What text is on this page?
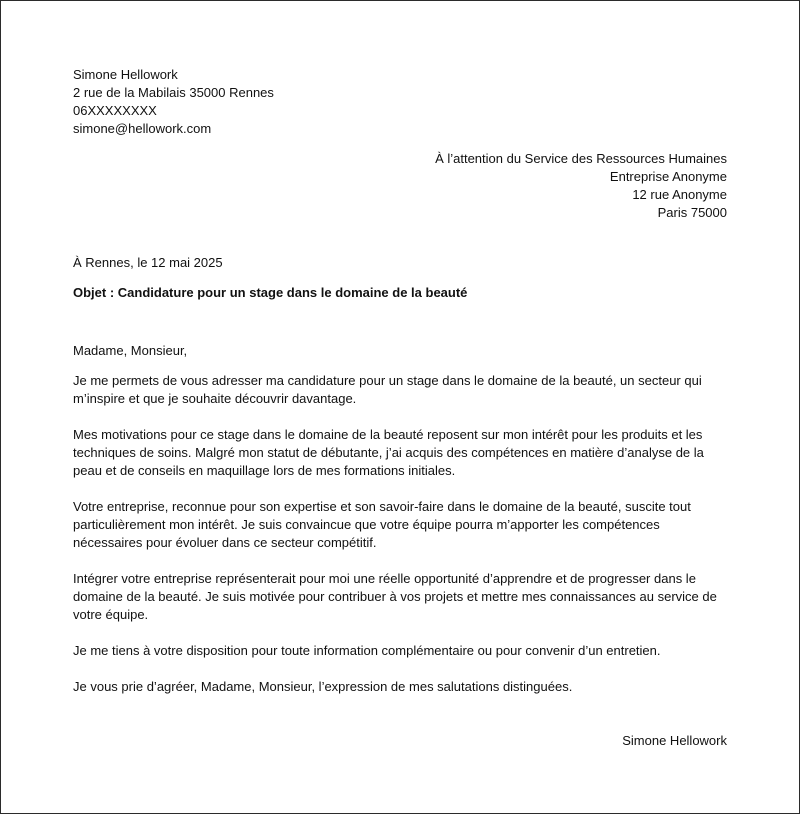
Simone Hellowork
2 rue de la Mabilais 35000 Rennes
06XXXXXXXX
simone@hellowork.com
À l’attention du Service des Ressources Humaines
Entreprise Anonyme
12 rue Anonyme
Paris 75000
À Rennes, le 12 mai 2025
Objet : Candidature pour un stage dans le domaine de la beauté
Madame, Monsieur,
Je me permets de vous adresser ma candidature pour un stage dans le domaine de la beauté, un secteur qui m’inspire et que je souhaite découvrir davantage.
Mes motivations pour ce stage dans le domaine de la beauté reposent sur mon intérêt pour les produits et les techniques de soins. Malgré mon statut de débutante, j’ai acquis des compétences en matière d’analyse de la peau et de conseils en maquillage lors de mes formations initiales.
Votre entreprise, reconnue pour son expertise et son savoir-faire dans le domaine de la beauté, suscite tout particulièrement mon intérêt. Je suis convaincue que votre équipe pourra m’apporter les compétences nécessaires pour évoluer dans ce secteur compétitif.
Intégrer votre entreprise représenterait pour moi une réelle opportunité d’apprendre et de progresser dans le domaine de la beauté. Je suis motivée pour contribuer à vos projets et mettre mes connaissances au service de votre équipe.
Je me tiens à votre disposition pour toute information complémentaire ou pour convenir d’un entretien.
Je vous prie d’agréer, Madame, Monsieur, l’expression de mes salutations distinguées.
Simone Hellowork
